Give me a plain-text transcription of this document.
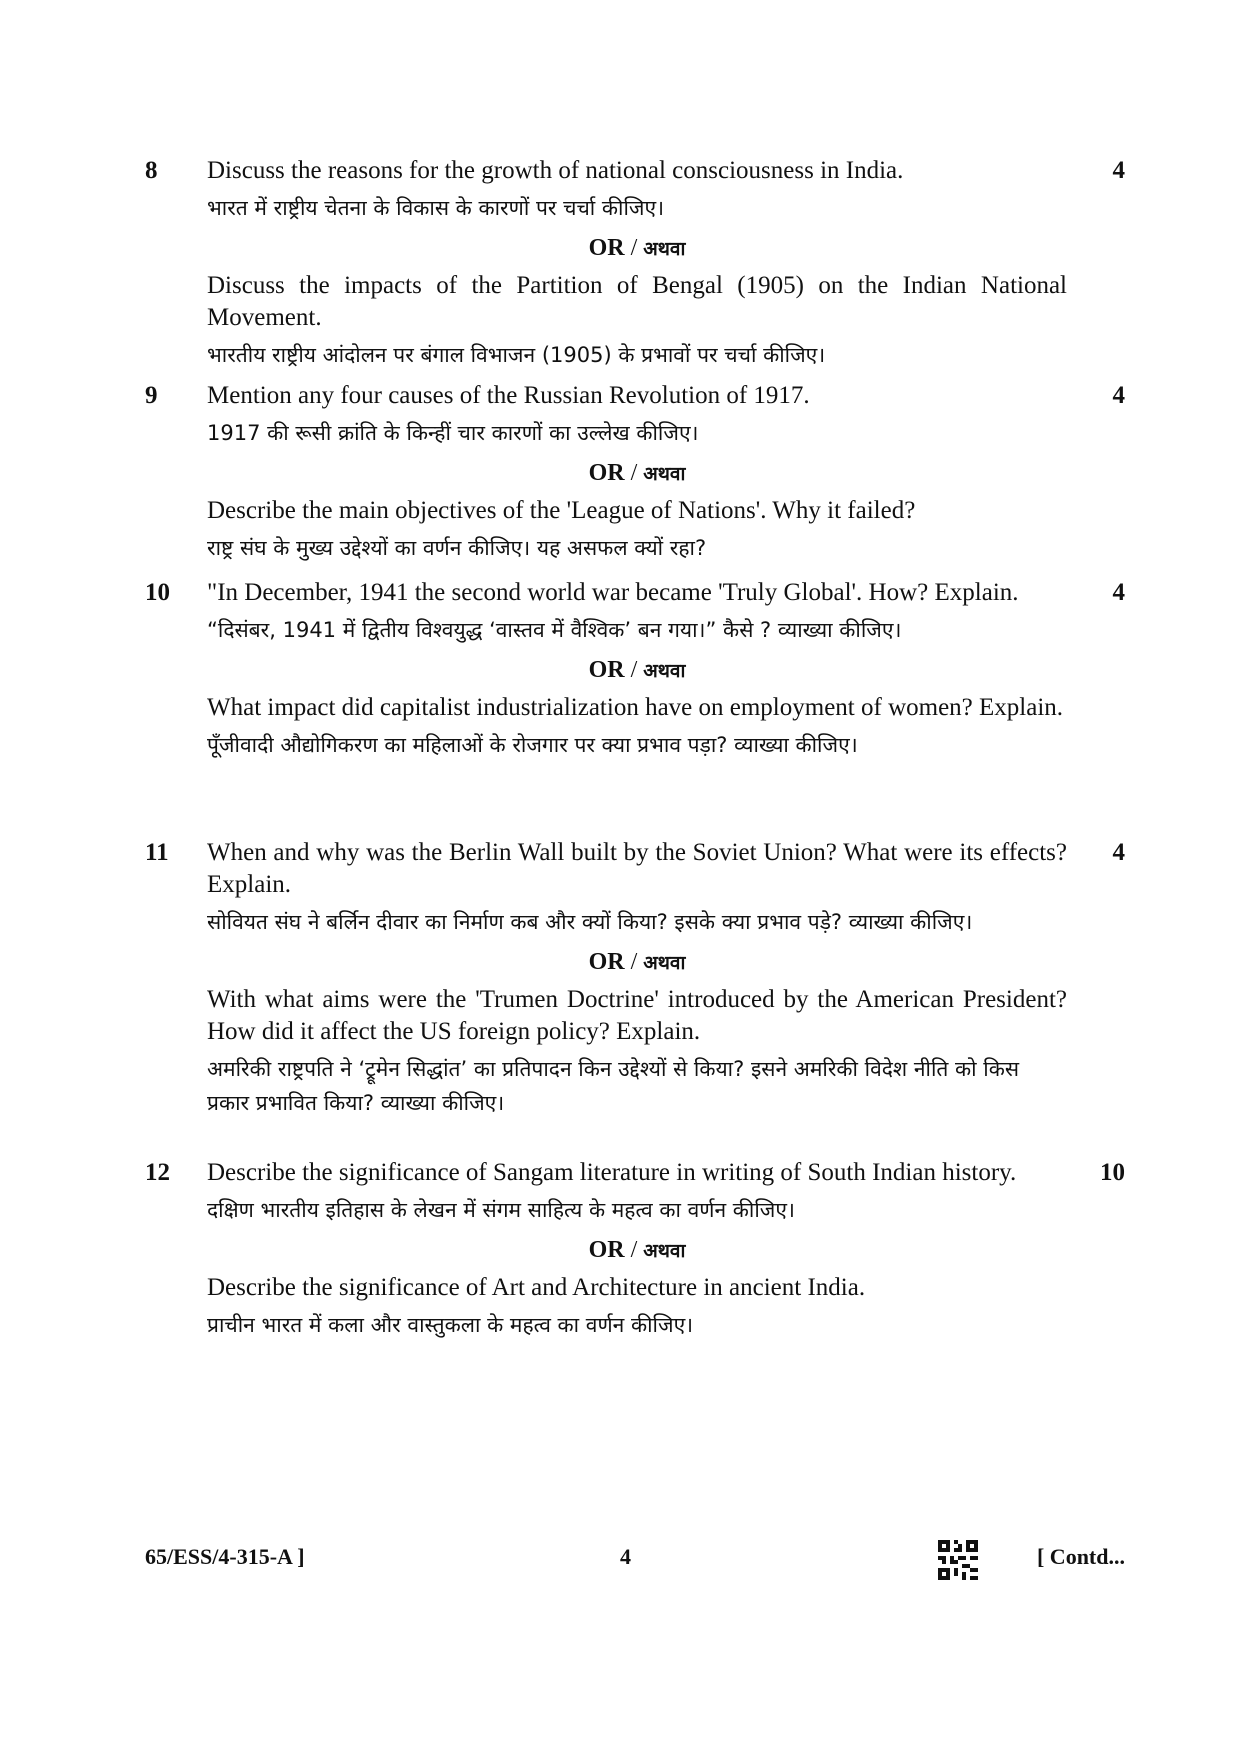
8	4

Discuss the reasons for the growth of national consciousness in India.

भारत में राष्ट्रीय चेतना के विकास के कारणों पर चर्चा कीजिए।

OR / अथवा

Discuss the impacts of the Partition of Bengal (1905) on the Indian National Movement.

भारतीय राष्ट्रीय आंदोलन पर बंगाल विभाजन (1905) के प्रभावों पर चर्चा कीजिए।

9	4

Mention any four causes of the Russian Revolution of 1917.

1917 की रूसी क्रांति के किन्हीं चार कारणों का उल्लेख कीजिए।

OR / अथवा

Describe the main objectives of the 'League of Nations'. Why it failed?

राष्ट्र संघ के मुख्य उद्देश्यों का वर्णन कीजिए। यह असफल क्यों रहा?

10	4

"In December, 1941 the second world war became 'Truly Global'. How? Explain.

“दिसंबर, 1941 में द्वितीय विश्वयुद्ध ‘वास्तव में वैश्विक’ बन गया।” कैसे ? व्याख्या कीजिए।

OR / अथवा

What impact did capitalist industrialization have on employment of women? Explain.

पूँजीवादी औद्योगिकरण का महिलाओं के रोजगार पर क्या प्रभाव पड़ा? व्याख्या कीजिए।

11	4

When and why was the Berlin Wall built by the Soviet Union? What were its effects? Explain.

सोवियत संघ ने बर्लिन दीवार का निर्माण कब और क्यों किया? इसके क्या प्रभाव पड़े? व्याख्या कीजिए।

OR / अथवा

With what aims were the 'Trumen Doctrine' introduced by the American President? How did it affect the US foreign policy? Explain.

अमरिकी राष्ट्रपति ने ‘ट्रूमेन सिद्धांत’ का प्रतिपादन किन उद्देश्यों से किया? इसने अमरिकी विदेश नीति को किस प्रकार प्रभावित किया? व्याख्या कीजिए।

12	10

Describe the significance of Sangam literature in writing of South Indian history.

दक्षिण भारतीय इतिहास के लेखन में संगम साहित्य के महत्व का वर्णन कीजिए।

OR / अथवा

Describe the significance of Art and Architecture in ancient India.

प्राचीन भारत में कला और वास्तुकला के महत्व का वर्णन कीजिए।

65/ESS/4-315-A ]	4	[ Contd...
